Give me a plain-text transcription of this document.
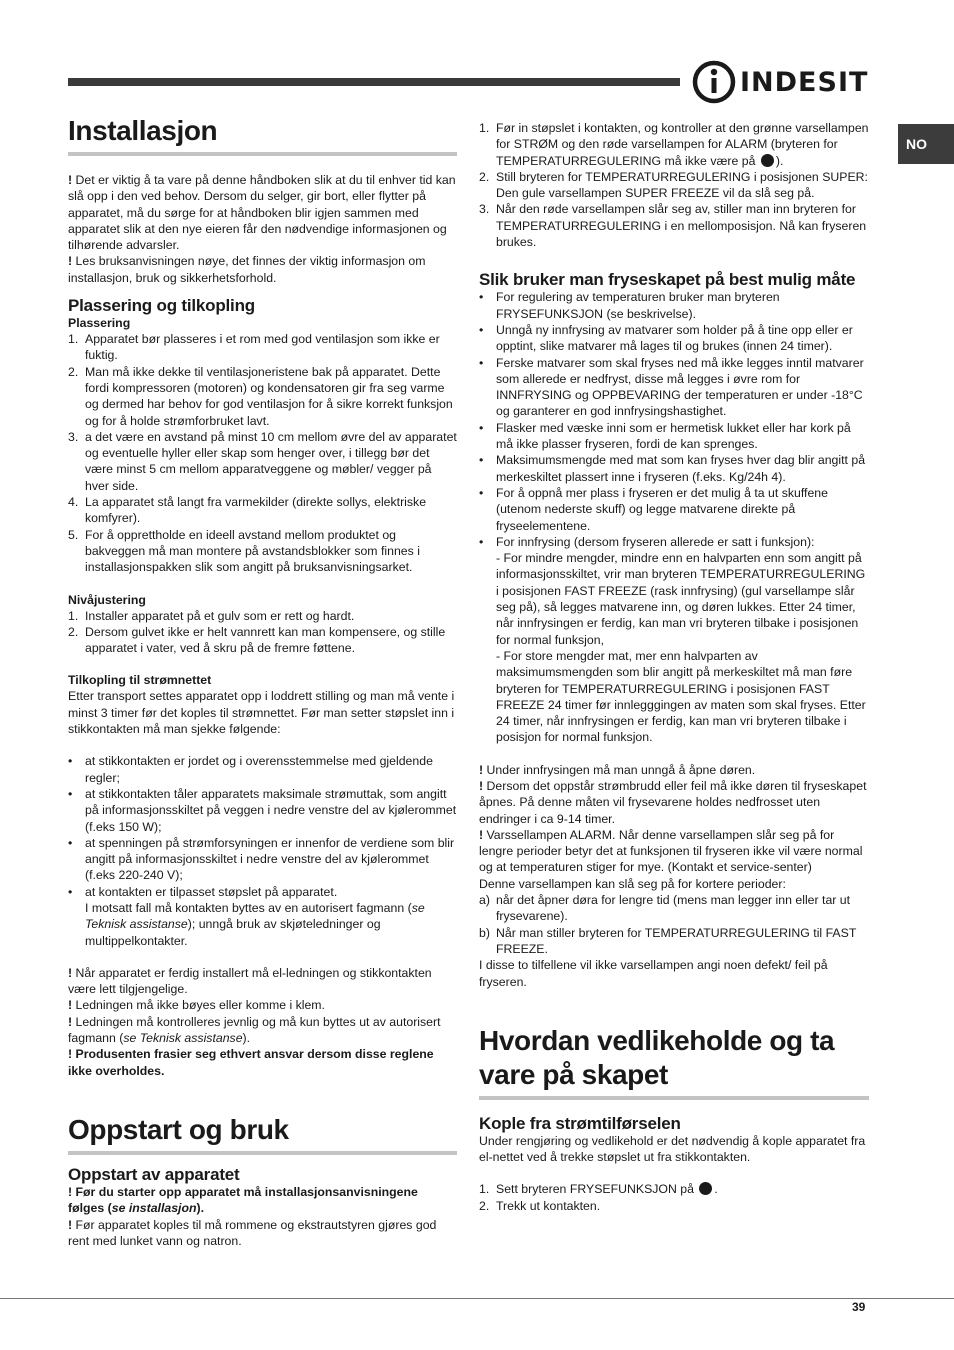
INDESIT
NO
Installasjon

! Det er viktig å ta vare på denne håndboken slik at du til enhver tid kan slå opp i den ved behov. Dersom du selger, gir bort, eller flytter på apparatet, må du sørge for at håndboken blir igjen sammen med apparatet slik at den nye eieren får den nødvendige informasjonen og tilhørende advarsler.

! Les bruksanvisningen nøye, det finnes der viktig informasjon om installasjon, bruk og sikkerhetsforhold.

Plassering og tilkopling
Plassering
1. Apparatet bør plasseres i et rom med god ventilasjon som ikke er fuktig.
2. Man må ikke dekke til ventilasjoneristene bak på apparatet. Dette fordi kompressoren (motoren) og kondensatoren gir fra seg varme og dermed har behov for god ventilasjon for å sikre korrekt funksjon og for å holde strømforbruket lavt.
3. a det være en avstand på minst 10 cm mellom øvre del av apparatet og eventuelle hyller eller skap som henger over, i tillegg bør det være minst 5 cm mellom apparatveggene og møbler/ vegger på hver side.
4. La apparatet stå langt fra varmekilder (direkte sollys, elektriske komfyrer).
5. For å opprettholde en ideell avstand mellom produktet og bakveggen må man montere på avstandsblokker som finnes i installasjonspakken slik som angitt på bruksanvisningsarket.
Nivåjustering
1. Installer apparatet på et gulv som er rett og hardt.
2. Dersom gulvet ikke er helt vannrett kan man kompensere, og stille apparatet i vater, ved å skru på de fremre føttene.
Tilkopling til strømnettet

Etter transport settes apparatet opp i loddrett stilling og man må vente i minst 3 timer før det koples til strømnettet. Før man setter støpslet inn i stikkontakten må man sjekke følgende:

• at stikkontakten er jordet og i overensstemmelse med gjeldende regler;
• at stikkontakten tåler apparatets maksimale strømuttak, som angitt på informasjonsskiltet på veggen i nedre venstre del av kjølerommet (f.eks 150 W);
• at spenningen på strømforsyningen er innenfor de verdiene som blir angitt på informasjonsskiltet i nedre venstre del av kjølerommet (f.eks 220-240 V);
• at kontakten er tilpasset støpslet på apparatet.
I motsatt fall må kontakten byttes av en autorisert fagmann (se Teknisk assistanse); unngå bruk av skjøteledninger og multippelkontakter.

! Når apparatet er ferdig installert må el-ledningen og stikkontakten være lett tilgjengelige.

! Ledningen må ikke bøyes eller komme i klem.

! Ledningen må kontrolleres jevnlig og må kun byttes ut av autorisert fagmann (se Teknisk assistanse).

! Produsenten frasier seg ethvert ansvar dersom disse reglene ikke overholdes.

Oppstart og bruk
Oppstart av apparatet

! Før du starter opp apparatet må installasjonsanvisningene følges (se installasjon).

! Før apparatet koples til må rommene og ekstrautstyren gjøres god rent med lunket vann og natron.

1. Før in støpslet i kontakten, og kontroller at den grønne varsellampen for STRØM og den røde varsellampen for ALARM (bryteren for TEMPERATURREGULERING må ikke være på ).
2. Still bryteren for TEMPERATURREGULERING i posisjonen SUPER: Den gule varsellampen SUPER FREEZE vil da slå seg på.
3. Når den røde varsellampen slår seg av, stiller man inn bryteren for TEMPERATURREGULERING i en mellomposisjon. Nå kan fryseren brukes.
Slik bruker man fryseskapet på best mulig måte
• For regulering av temperaturen bruker man bryteren FRYSEFUNKSJON (se beskrivelse).
• Unngå ny innfrysing av matvarer som holder på å tine opp eller er opptint, slike matvarer må lages til og brukes (innen 24 timer).
• Ferske matvarer som skal fryses ned må ikke legges inntil matvarer som allerede er nedfryst, disse må legges i øvre rom for INNFRYSING og OPPBEVARING der temperaturen er under -18°C og garanterer en god innfrysingshastighet.
• Flasker med væske inni som er hermetisk lukket eller har kork på må ikke plasser fryseren, fordi de kan sprenges.
• Maksimumsmengde med mat som kan fryses hver dag blir angitt på merkeskiltet plassert inne i fryseren (f.eks. Kg/24h 4).
• For å oppnå mer plass i fryseren er det mulig å ta ut skuffene (utenom nederste skuff) og legge matvarene direkte på fryseelementene.
• For innfrysing (dersom fryseren allerede er satt i funksjon):
- For mindre mengder, mindre enn en halvparten enn som angitt på informasjonsskiltet, vrir man bryteren TEMPERATURREGULERING i posisjonen FAST FREEZE (rask innfrysing) (gul varsellampe slår seg på), så legges matvarene inn, og døren lukkes. Etter 24 timer, når innfrysingen er ferdig, kan man vri bryteren tilbake i posisjonen for normal funksjon,
- For store mengder mat, mer enn halvparten av maksimumsmengden som blir angitt på merkeskiltet må man føre bryteren for TEMPERATURREGULERING i posisjonen FAST FREEZE 24 timer før innlegggingen av maten som skal fryses. Etter 24 timer, når innfrysingen er ferdig, kan man vri bryteren tilbake i posisjon for normal funksjon.

! Under innfrysingen må man unngå å åpne døren.

! Dersom det oppstår strømbrudd eller feil må ikke døren til fryseskapet åpnes. På denne måten vil frysevarene holdes nedfrosset uten endringer i ca 9-14 timer.

! Varssellampen ALARM. Når denne varsellampen slår seg på for lengre perioder betyr det at funksjonen til fryseren ikke vil være normal og at temperaturen stiger for mye. (Kontakt et service-senter)

Denne varsellampen kan slå seg på for kortere perioder:

a) når det åpner døra for lengre tid (mens man legger inn eller tar ut frysevarene).
b) Når man stiller bryteren for TEMPERATURREGULERING til FAST FREEZE.

I disse to tilfellene vil ikke varsellampen angi noen defekt/ feil på fryseren.

Hvordan vedlikeholde og ta vare på skapet
Kople fra strømtilførselen

Under rengjøring og vedlikehold er det nødvendig å kople apparatet fra el-nettet ved å trekke støpslet ut fra stikkontakten.

1. Sett bryteren FRYSEFUNKSJON på .
2. Trekk ut kontakten.
39
